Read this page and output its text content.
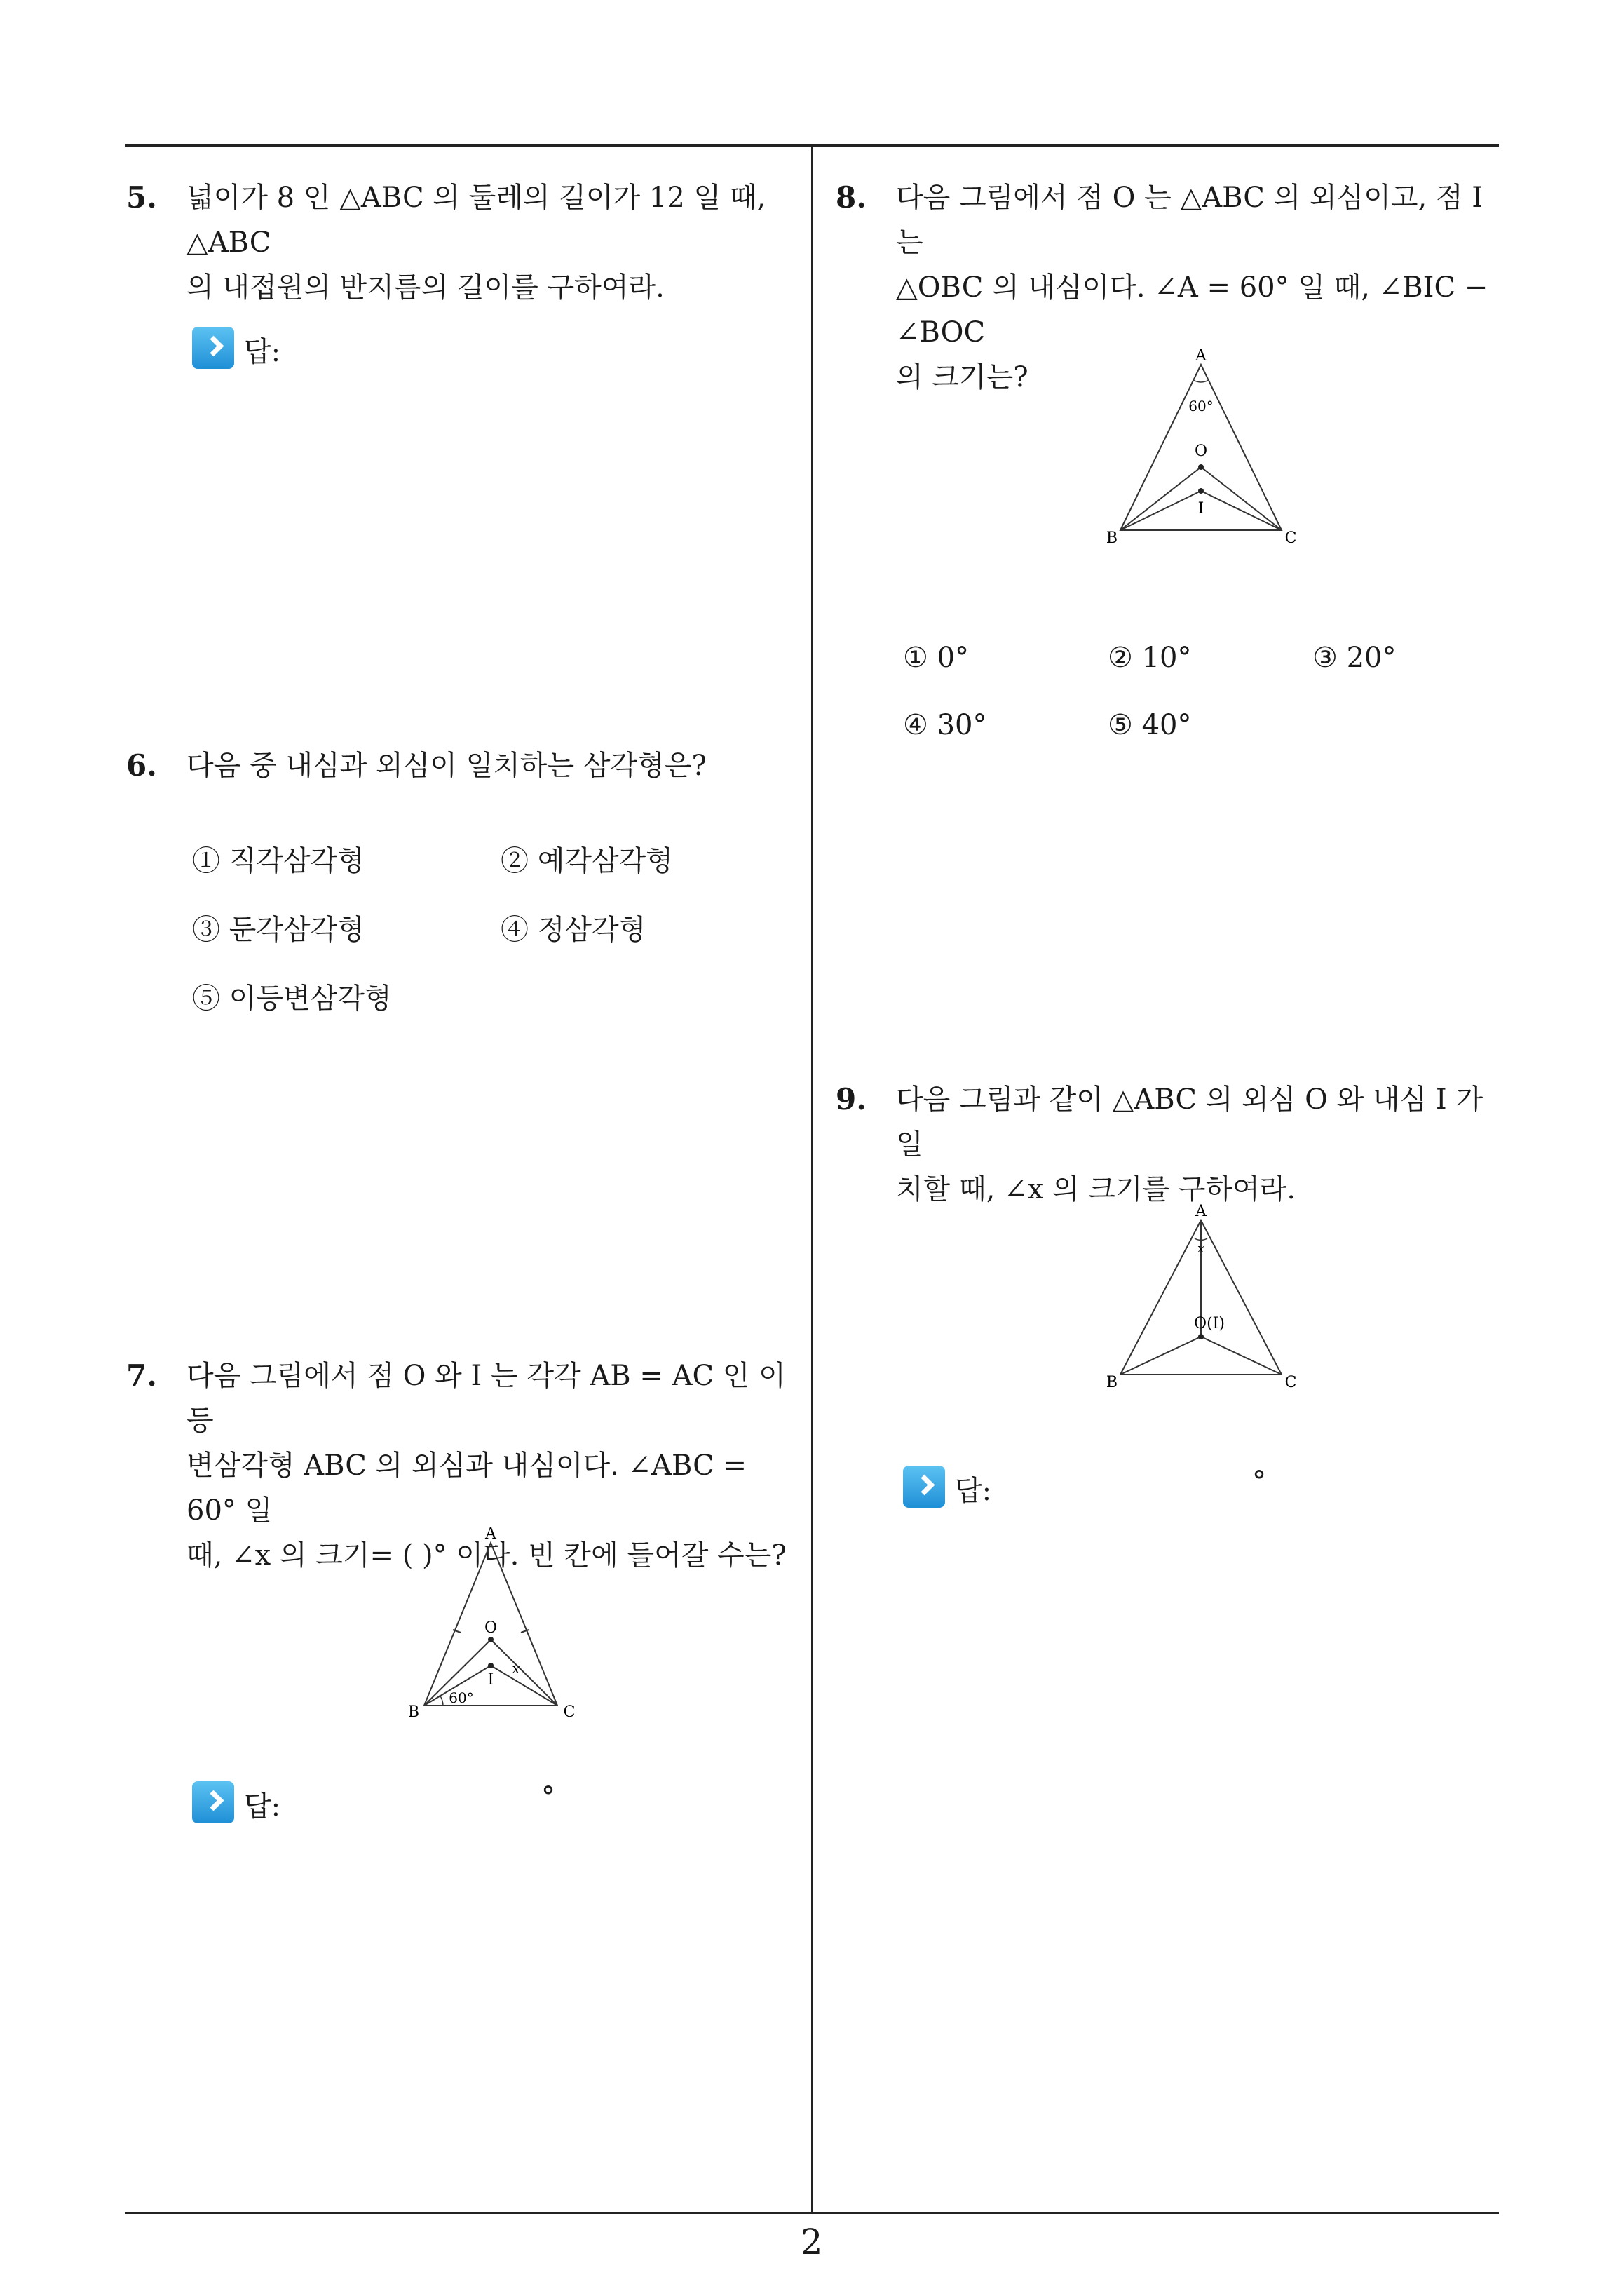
5. 넓이가 8 인 △ABC 의 둘레의 길이가 12 일 때, △ABC
의 내접원의 반지름의 길이를 구하여라.
답:
6. 다음 중 내심과 외심이 일치하는 삼각형은?
① 직각삼각형	② 예각삼각형
③ 둔각삼각형	④ 정삼각형
⑤ 이등변삼각형
7. 다음 그림에서 점 O 와 I 는 각각 AB = AC 인 이등
변삼각형 ABC 의 외심과 내심이다. ∠ABC = 60° 일
때, ∠x 의 크기= ( )° 이다. 빈 칸에 들어갈 수는?
A
B	C
O
I
60°
x
답:	°
8. 다음 그림에서 점 O 는 △ABC 의 외심이고, 점 I 는
△OBC 의 내심이다. ∠A = 60° 일 때, ∠BIC − ∠BOC
의 크기는?
A
B	C
O
I
60°
① 0°	② 10°	③ 20°
④ 30°	⑤ 40°
9. 다음 그림과 같이 △ABC 의 외심 O 와 내심 I 가 일
치할 때, ∠x 의 크기를 구하여라.
A
B	C
O(I)
x
답:	°
2
